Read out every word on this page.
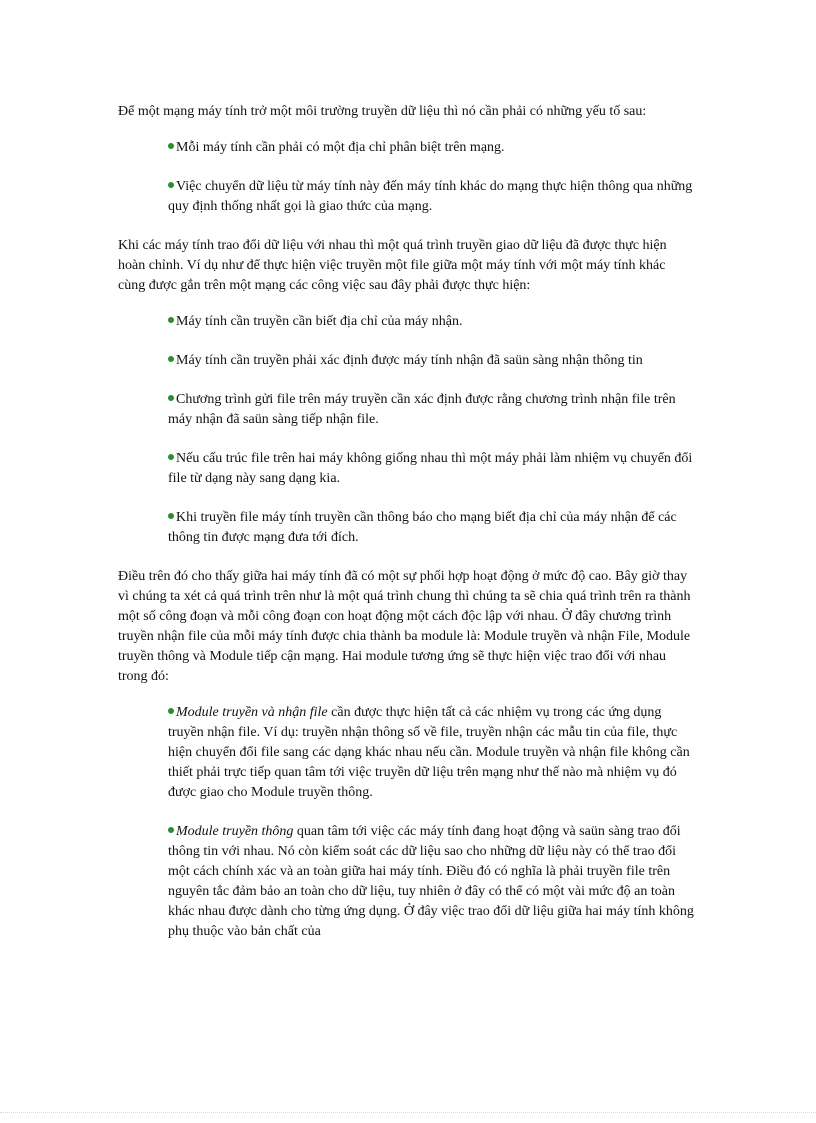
Để một mạng máy tính trở một môi trường truyền dữ liệu thì nó cần phải có những yếu tố sau:

Mỗi máy tính cần phải có một địa chỉ phân biệt trên mạng.
Việc chuyển dữ liệu từ máy tính này đến máy tính khác do mạng thực hiện thông qua những quy định thống nhất gọi là giao thức của mạng.

Khi các máy tính trao đổi dữ liệu với nhau thì một quá trình truyền giao dữ liệu đã được thực hiện hoàn chỉnh. Ví dụ như để thực hiện việc truyền một file giữa một máy tính với một máy tính khác cùng được gắn trên một mạng các công việc sau đây phải được thực hiện:

Máy tính cần truyền cần biết địa chỉ của máy nhận.
Máy tính cần truyền phải xác định được máy tính nhận đã saün sàng nhận thông tin
Chương trình gửi file trên máy truyền cần xác định được rằng chương trình nhận file trên máy nhận đã saün sàng tiếp nhận file.
Nếu cấu trúc file trên hai máy không giống nhau thì một máy phải làm nhiệm vụ chuyển đổi file từ dạng này sang dạng kia.
Khi truyền file máy tính truyền cần thông báo cho mạng biết địa chỉ của máy nhận để các thông tin được mạng đưa tới đích.

Điều trên đó cho thấy giữa hai máy tính đã có một sự phối hợp hoạt động ở mức độ cao. Bây giờ thay vì chúng ta xét cả quá trình trên như là một quá trình chung thì chúng ta sẽ chia quá trình trên ra thành một số công đoạn và mỗi công đoạn con hoạt động một cách độc lập với nhau. Ở đây chương trình truyền nhận file của mỗi máy tính được chia thành ba module là: Module truyền và nhận File, Module truyền thông và Module tiếp cận mạng. Hai module tương ứng sẽ thực hiện việc trao đổi với nhau trong đó:

Module truyền và nhận file cần được thực hiện tất cả các nhiệm vụ trong các ứng dụng truyền nhận file. Ví dụ: truyền nhận thông số về file, truyền nhận các mẫu tin của file, thực hiện chuyển đổi file sang các dạng khác nhau nếu cần. Module truyền và nhận file không cần thiết phải trực tiếp quan tâm tới việc truyền dữ liệu trên mạng như thế nào mà nhiệm vụ đó được giao cho Module truyền thông.
Module truyền thông quan tâm tới việc các máy tính đang hoạt động và saün sàng trao đổi thông tin với nhau. Nó còn kiểm soát các dữ liệu sao cho những dữ liệu này có thể trao đổi một cách chính xác và an toàn giữa hai máy tính. Điều đó có nghĩa là phải truyền file trên nguyên tắc đảm bảo an toàn cho dữ liệu, tuy nhiên ở đây có thể có một vài mức độ an toàn khác nhau được dành cho từng ứng dụng. Ở đây việc trao đổi dữ liệu giữa hai máy tính không phụ thuộc vào bản chất của
